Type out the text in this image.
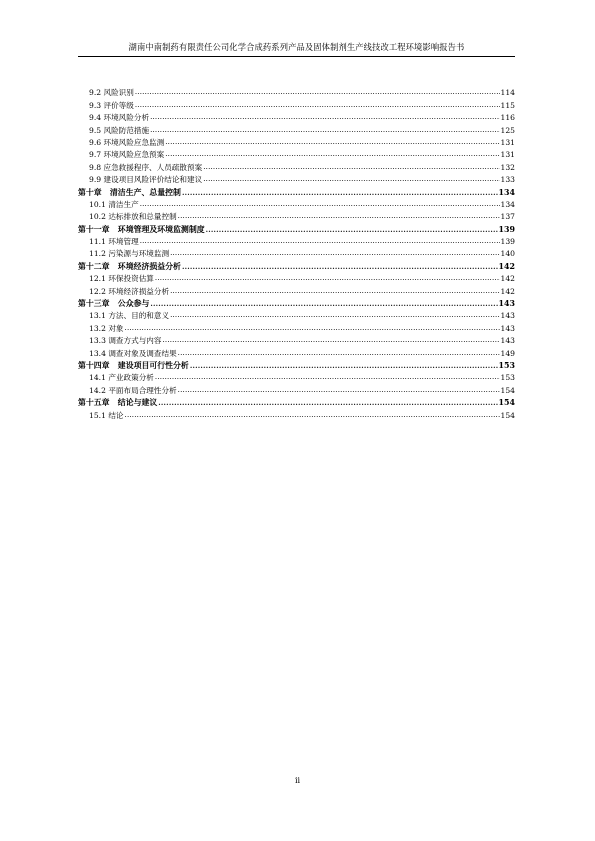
湖南中南制药有限责任公司化学合成药系列产品及固体制剂生产线技改工程环境影响报告书
9.2 风险识别 .....	114
9.3 评价等级 .....	115
9.4 环境风险分析 .....	116
9.5 风险防范措施 .....	125
9.6 环境风险应急监测 .....	131
9.7 环境风险应急预案 .....	131
9.8 应急救援程序、人员疏散预案 .....	132
9.9 建设项目风险评价结论和建议 .....	133
第十章   清洁生产、总量控制 .....	134
10.1 清洁生产 .....	134
10.2 达标排放和总量控制 .....	137
第十一章   环境管理及环境监测制度 .....	139
11.1 环境管理 .....	139
11.2 污染源与环境监测 .....	140
第十二章   环境经济损益分析 .....	142
12.1 环保投资估算 .....	142
12.2 环境经济损益分析 .....	142
第十三章   公众参与 .....	143
13.1 方法、目的和意义 .....	143
13.2 对象 .....	143
13.3 调查方式与内容 .....	143
13.4 调查对象及调查结果 .....	149
第十四章   建设项目可行性分析 .....	153
14.1 产业政策分析 .....	153
14.2 平面布局合理性分析 .....	154
第十五章   结论与建议 .....	154
15.1 结论 .....	154
ii
